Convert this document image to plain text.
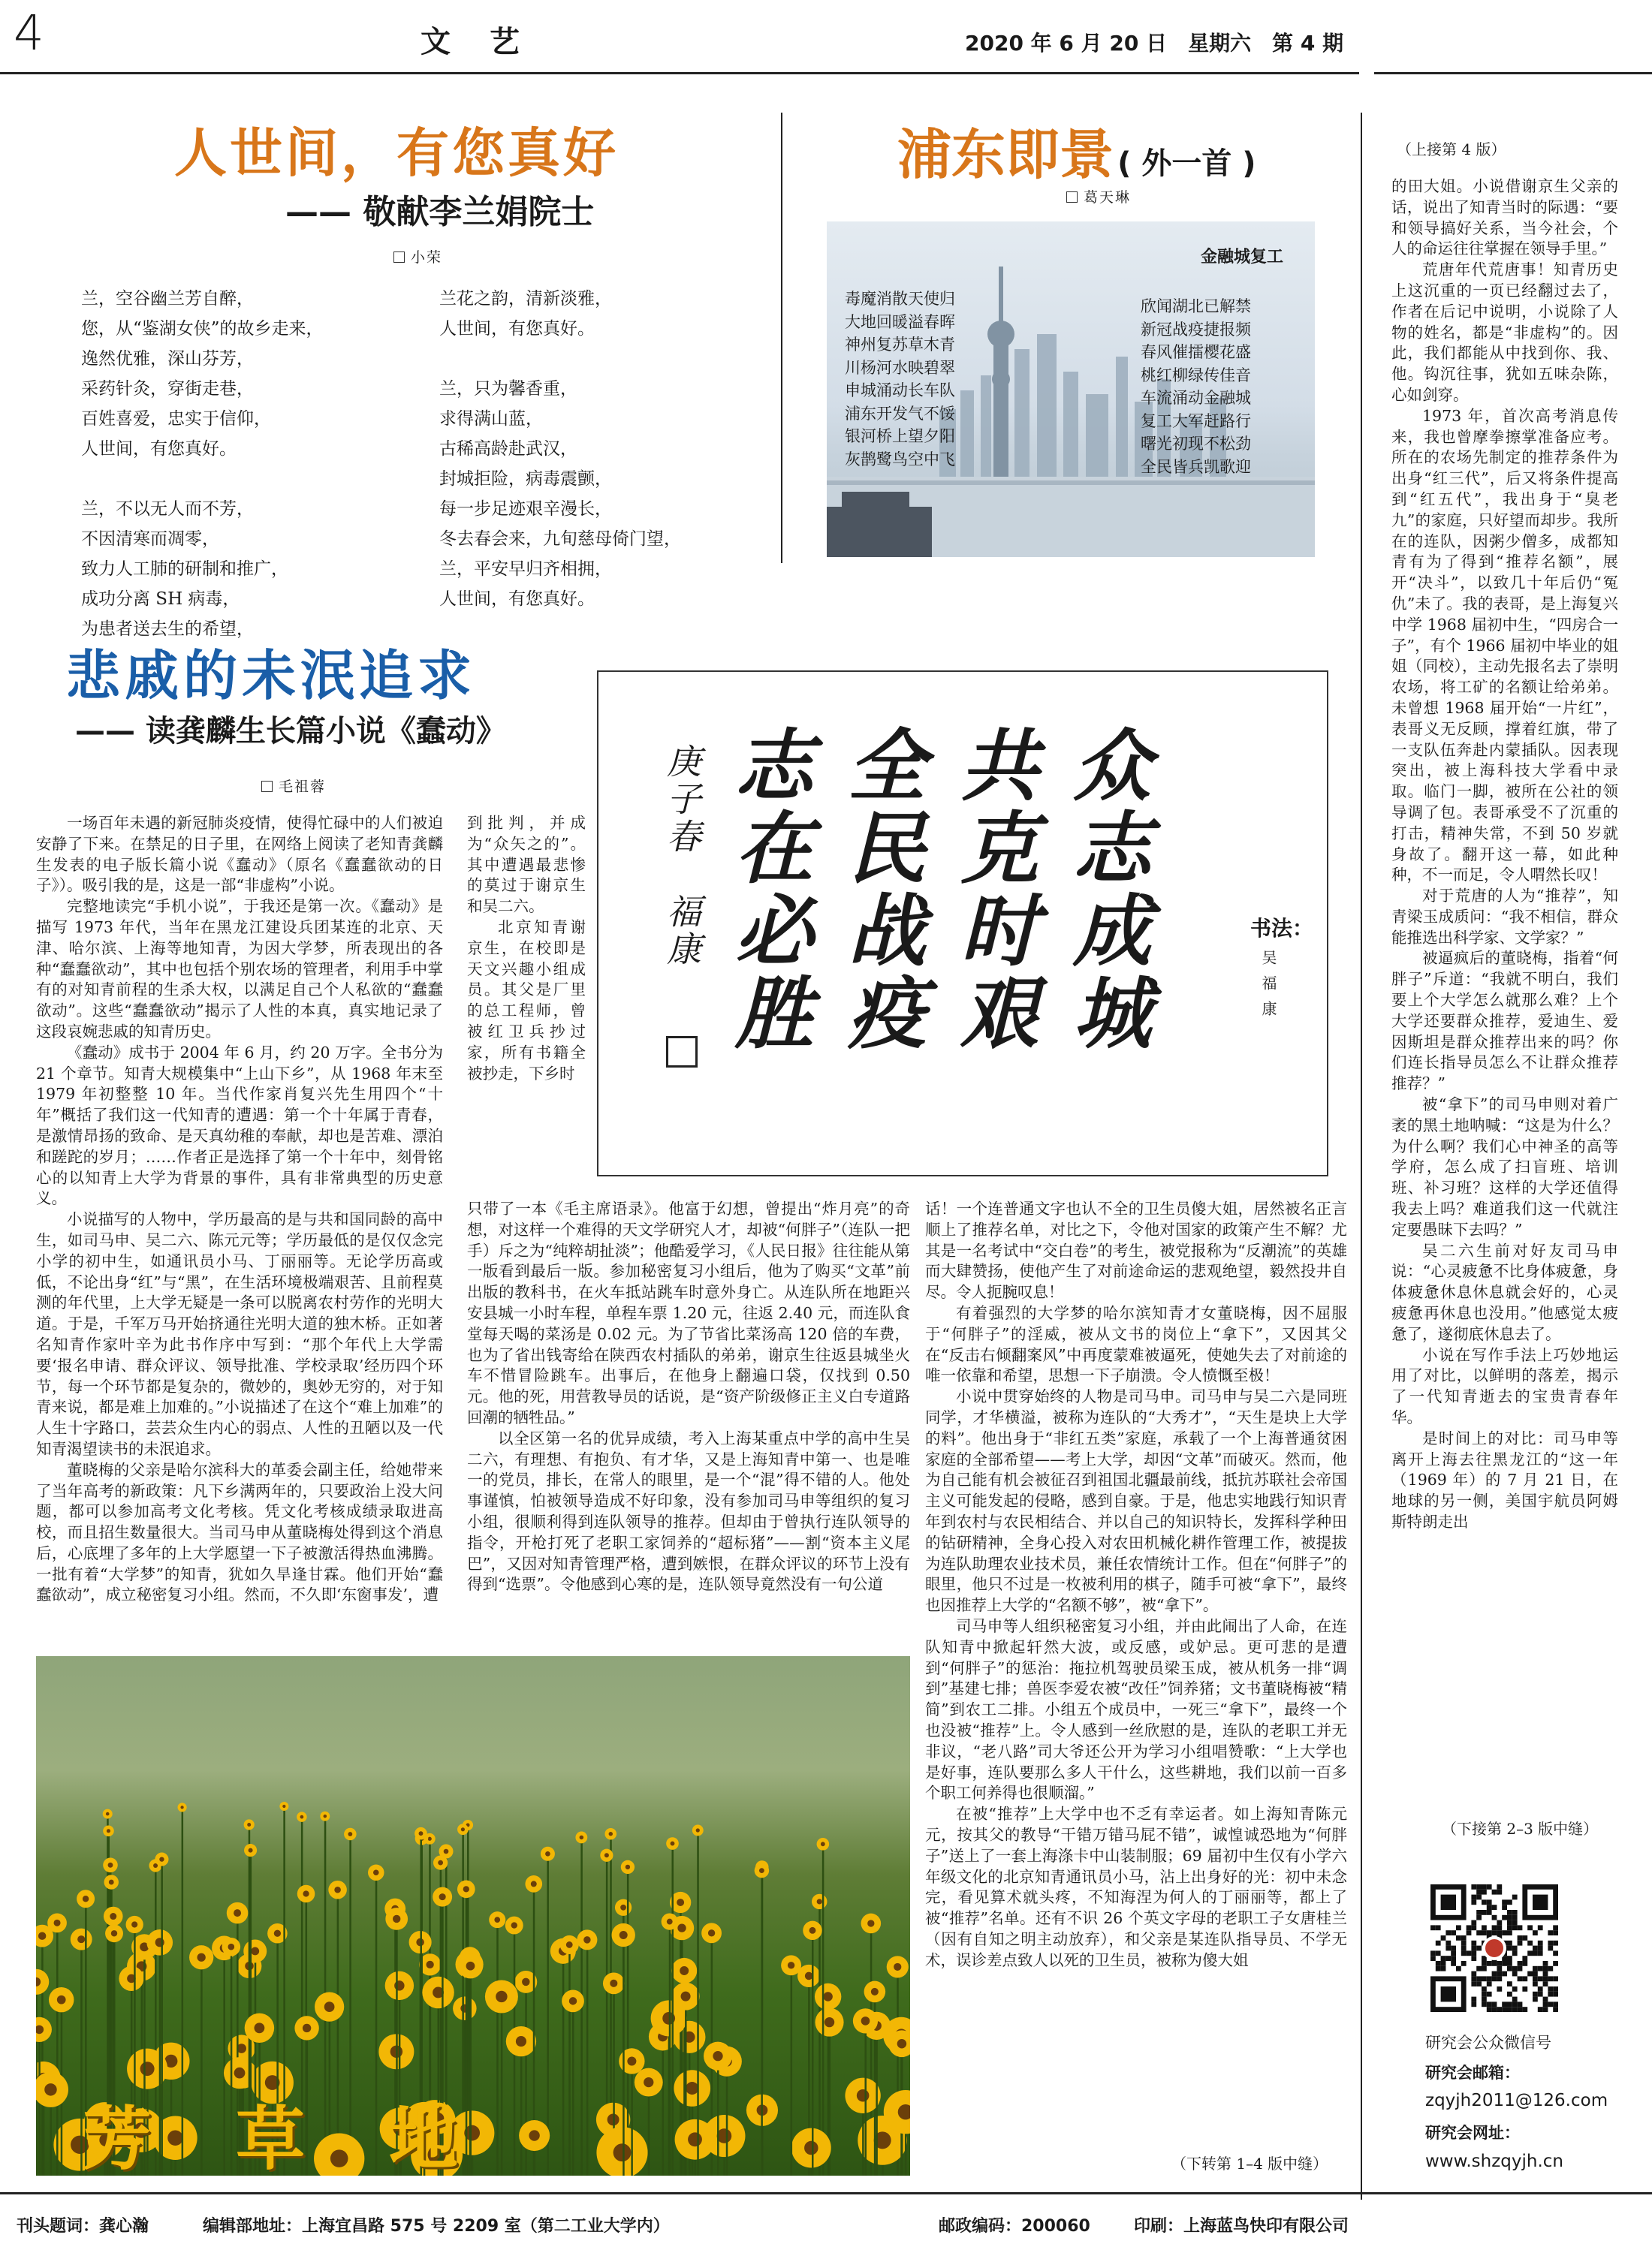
4	文　艺	2020 年 6 月 20 日　星期六　第 4 期
人世间，有您真好
—— 敬献李兰娟院士
小荣
兰，空谷幽兰芳自醉，
您，从“鉴湖女侠”的故乡走来，
逸然优雅，深山芬芳，
采药针灸，穿街走巷，
百姓喜爱，忠实于信仰，
人世间，有您真好。
兰，不以无人而不芳，
不因清寒而凋零，
致力人工肺的研制和推广，
成功分离 SH 病毒，
为患者送去生的希望，
兰花之韵，清新淡雅，
人世间，有您真好。
兰，只为馨香重，
求得满山蓝，
古稀高龄赴武汉，
封城拒险，病毒震颤，
每一步足迹艰辛漫长，
冬去春会来，九旬慈母倚门望，
兰，平安早归齐相拥，
人世间，有您真好。
浦东即景 ( 外一首 )
葛天琳
毒魔消散天使归
大地回暖溢春晖
神州复苏草木青
川杨河水映碧翠
申城涌动长车队
浦东开发气不馁
银河桥上望夕阳
灰鹊鹭鸟空中飞
金融城复工
欣闻湖北已解禁
新冠战疫捷报频
春风催擂樱花盛
桃红柳绿传佳音
车流涌动金融城
复工大军赶路行
曙光初现不松劲
全民皆兵凯歌迎
悲戚的未泯追求
—— 读龚麟生长篇小说《蠢动》
毛祖蓉	众志成城
共克时艰
全民战疫
志在必胜
庚子春　福康	书法：
吴福康

一场百年未遇的新冠肺炎疫情，使得忙碌中的人们被迫安静了下来。在禁足的日子里，在网络上阅读了老知青龚麟生发表的电子版长篇小说《蠢动》（原名《蠢蠢欲动的日子》）。吸引我的是，这是一部“非虚构”小说。

完整地读完“手机小说”，于我还是第一次。《蠢动》是描写 1973 年代，当年在黑龙江建设兵团某连的北京、天津、哈尔滨、上海等地知青，为因大学梦，所表现出的各种“蠢蠢欲动”，其中也包括个别农场的管理者，利用手中掌有的对知青前程的生杀大权，以满足自己个人私欲的“蠢蠢欲动”。这些“蠢蠢欲动”揭示了人性的本真，真实地记录了这段哀婉悲戚的知青历史。

《蠢动》成书于 2004 年 6 月，约 20 万字。全书分为 21 个章节。知青大规模集中“上山下乡”，从 1968 年末至 1979 年初整整 10 年。当代作家肖复兴先生用四个“十年”概括了我们这一代知青的遭遇：第一个十年属于青春，是激情昂扬的致命、是天真幼稚的奉献，却也是苦难、漂泊和蹉跎的岁月；……作者正是选择了第一个十年中，刻骨铭心的以知青上大学为背景的事件，具有非常典型的历史意义。

小说描写的人物中，学历最高的是与共和国同龄的高中生，如司马申、吴二六、陈元元等；学历最低的是仅仅念完小学的初中生，如通讯员小马、丁丽丽等。无论学历高或低，不论出身“红”与“黑”，在生活环境极端艰苦、且前程莫测的年代里，上大学无疑是一条可以脱离农村劳作的光明大道。于是，千军万马开始挤通往光明大道的独木桥。正如著名知青作家叶辛为此书作序中写到：“那个年代上大学需要‘报名申请、群众评议、领导批准、学校录取’经历四个环节，每一个环节都是复杂的，微妙的，奥妙无穷的，对于知青来说，都是难上加难的。”小说描述了在这个“难上加难”的人生十字路口，芸芸众生内心的弱点、人性的丑陋以及一代知青渴望读书的未泯追求。

董晓梅的父亲是哈尔滨科大的革委会副主任，给她带来了当年高考的新政策：凡下乡满两年的，只要政治上没大问题，都可以参加高考文化考核。凭文化考核成绩录取进高校，而且招生数量很大。当司马申从董晓梅处得到这个消息后，心底埋了多年的上大学愿望一下子被激活得热血沸腾。一批有着“大学梦”的知青，犹如久旱逢甘霖。他们开始“蠢蠢欲动”，成立秘密复习小组。然而，不久即‘东窗事发’，遭

到批判，并成为“众矢之的”。其中遭遇最悲惨的莫过于谢京生和吴二六。

北京知青谢京生，在校即是天文兴趣小组成员。其父是厂里的总工程师，曾被红卫兵抄过家，所有书籍全被抄走，下乡时

只带了一本《毛主席语录》。他富于幻想，曾提出“炸月亮”的奇想，对这样一个难得的天文学研究人才，却被“何胖子”（连队一把手）斥之为“纯粹胡扯淡”；他酷爱学习，《人民日报》往往能从第一版看到最后一版。参加秘密复习小组后，他为了购买“文革”前出版的教科书，在火车抵站跳车时意外身亡。从连队所在地距兴安县城一小时车程，单程车票 1.20 元，往返 2.40 元，而连队食堂每天喝的菜汤是 0.02 元。为了节省比菜汤高 120 倍的车费，也为了省出钱寄给在陕西农村插队的弟弟，谢京生往返县城坐火车不惜冒险跳车。出事后，在他身上翻遍口袋，仅找到 0.50 元。他的死，用营教导员的话说，是“资产阶级修正主义白专道路回潮的牺牲品。”

以全区第一名的优异成绩，考入上海某重点中学的高中生吴二六，有理想、有抱负、有才华，又是上海知青中第一、也是唯一的党员，排长，在常人的眼里，是一个“混”得不错的人。他处事谨慎，怕被领导造成不好印象，没有参加司马申等组织的复习小组，很顺利得到连队领导的推荐。但却由于曾执行连队领导的指令，开枪打死了老职工家饲养的“超标猪”——割“资本主义尾巴”，又因对知青管理严格，遭到嫉恨，在群众评议的环节上没有得到“选票”。令他感到心寒的是，连队领导竟然没有一句公道

话！一个连普通文字也认不全的卫生员傻大姐，居然被名正言顺上了推荐名单，对比之下，令他对国家的政策产生不解？尤其是一名考试中“交白卷”的考生，被党报称为“反潮流”的英雄而大肆赞扬，使他产生了对前途命运的悲观绝望，毅然投井自尽。令人扼腕叹息！

有着强烈的大学梦的哈尔滨知青才女董晓梅，因不屈服于“何胖子”的淫威，被从文书的岗位上“拿下”，又因其父在“反击右倾翻案风”中再度蒙难被逼死，使她失去了对前途的唯一依靠和希望，思想一下子崩溃。令人愤慨至极！

小说中贯穿始终的人物是司马申。司马申与吴二六是同班同学，才华横溢，被称为连队的“大秀才”，“天生是块上大学的料”。他出身于“非红五类”家庭，承载了一个上海普通贫困家庭的全部希望——考上大学，却因“文革”而破灭。然而，他为自己能有机会被征召到祖国北疆最前线，抵抗苏联社会帝国主义可能发起的侵略，感到自豪。于是，他忠实地践行知识青年到农村与农民相结合、并以自己的知识特长，发挥科学种田的钻研精神，全身心投入对农田机械化耕作管理工作，被提拔为连队助理农业技术员，兼任农情统计工作。但在“何胖子”的眼里，他只不过是一枚被利用的棋子，随手可被“拿下”，最终也因推荐上大学的“名额不够”，被“拿下”。

司马申等人组织秘密复习小组，并由此闹出了人命，在连队知青中掀起轩然大波，或反感，或妒忌。更可悲的是遭到“何胖子”的惩治：拖拉机驾驶员梁玉成，被从机务一排“调到”基建七排；兽医李爱农被“改任”饲养猪；文书董晓梅被“精简”到农工二排。小组五个成员中，一死三“拿下”，最终一个也没被“推荐”上。令人感到一丝欣慰的是，连队的老职工并无非议，“老八路”司大爷还公开为学习小组唱赞歌：“上大学也是好事，连队要那么多人干什么，这些耕地，我们以前一百多个职工何养得也很顺溜。”

在被“推荐”上大学中也不乏有幸运者。如上海知青陈元元，按其父的教导“干错万错马屁不错”，诚惶诚恐地为“何胖子”送上了一套上海涤卡中山装制服；69 届初中生仅有小学六年级文化的北京知青通讯员小马，沾上出身好的光：初中未念完，看见算术就头疼，不知海涅为何人的丁丽丽等，都上了被“推荐”名单。还有不识 26 个英文字母的老职工子女唐桂兰（因有自知之明主动放弃），和父亲是某连队指导员、不学无术，误诊差点致人以死的卫生员，被称为傻大姐

（下转第 1–4 版中缝）
芳　草　地
（上接第 4 版）

的田大姐。小说借谢京生父亲的话，说出了知青当时的际遇：“要和领导搞好关系，当今社会，个人的命运往往掌握在领导手里。”

荒唐年代荒唐事！知青历史上这沉重的一页已经翻过去了，作者在后记中说明，小说除了人物的姓名，都是“非虚构”的。因此，我们都能从中找到你、我、他。钩沉往事，犹如五味杂陈，心如剑穿。

1973 年，首次高考消息传来，我也曾摩拳擦掌准备应考。所在的农场先制定的推荐条件为出身“红三代”，后又将条件提高到“红五代”，我出身于“臭老九”的家庭，只好望而却步。我所在的连队，因粥少僧多，成都知青有为了得到“推荐名额”，展开“决斗”，以致几十年后仍“冤仇”未了。我的表哥，是上海复兴中学 1968 届初中生，“四房合一子”，有个 1966 届初中毕业的姐姐（同校），主动先报名去了崇明农场，将工矿的名额让给弟弟。未曾想 1968 届开始“一片红”，表哥义无反顾，撑着红旗，带了一支队伍奔赴内蒙插队。因表现突出，被上海科技大学看中录取。临门一脚，被所在公社的领导调了包。表哥承受不了沉重的打击，精神失常，不到 50 岁就身故了。翻开这一幕，如此种种，不一而足，令人喟然长叹！

对于荒唐的人为“推荐”，知青梁玉成质问：“我不相信，群众能推选出科学家、文学家？”

被逼疯后的董晓梅，指着“何胖子”斥道：“我就不明白，我们要上个大学怎么就那么难？上个大学还要群众推荐，爱迪生、爱因斯坦是群众推荐出来的吗？你们连长指导员怎么不让群众推荐推荐？”

被“拿下”的司马申则对着广袤的黑土地呐喊：“这是为什么？为什么啊？我们心中神圣的高等学府，怎么成了扫盲班、培训班、补习班？这样的大学还值得我去上吗？难道我们这一代就注定要愚昧下去吗？”

吴二六生前对好友司马申说：“心灵疲惫不比身体疲惫，身体疲惫休息休息就会好的，心灵疲惫再休息也没用。”他感觉太疲惫了，遂彻底休息去了。

小说在写作手法上巧妙地运用了对比，以鲜明的落差，揭示了一代知青逝去的宝贵青春年华。

是时间上的对比：司马申等离开上海去往黑龙江的“这一年（1969 年）的 7 月 21 日，在地球的另一侧，美国宇航员阿姆斯特朗走出

（下接第 2–3 版中缝）
研究会公众微信号
研究会邮箱：
zqyjh2011@126.com
研究会网址：
www.shzqyjh.cn
刊头题词：龚心瀚	编辑部地址：上海宜昌路 575 号 2209 室（第二工业大学内）	邮政编码：200060	印刷：上海蓝鸟快印有限公司
